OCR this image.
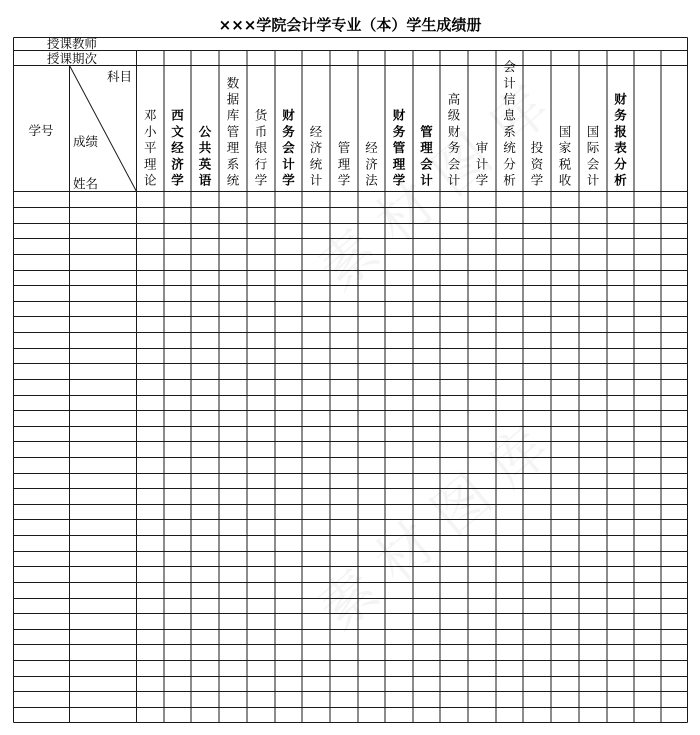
×××学院会计学专业（本）学生成绩册
授课教师
授课期次
学号
科目
成绩
姓名
邓小平理论
西文经济学
公共英语
数据库管理系统
货币银行学
财务会计学
经济统计
管理学
经济法
财务管理学
管理会计
高级财务会计
审计学
会计信息系统分析
投资学
国家税收
国际会计
财务报表分析
